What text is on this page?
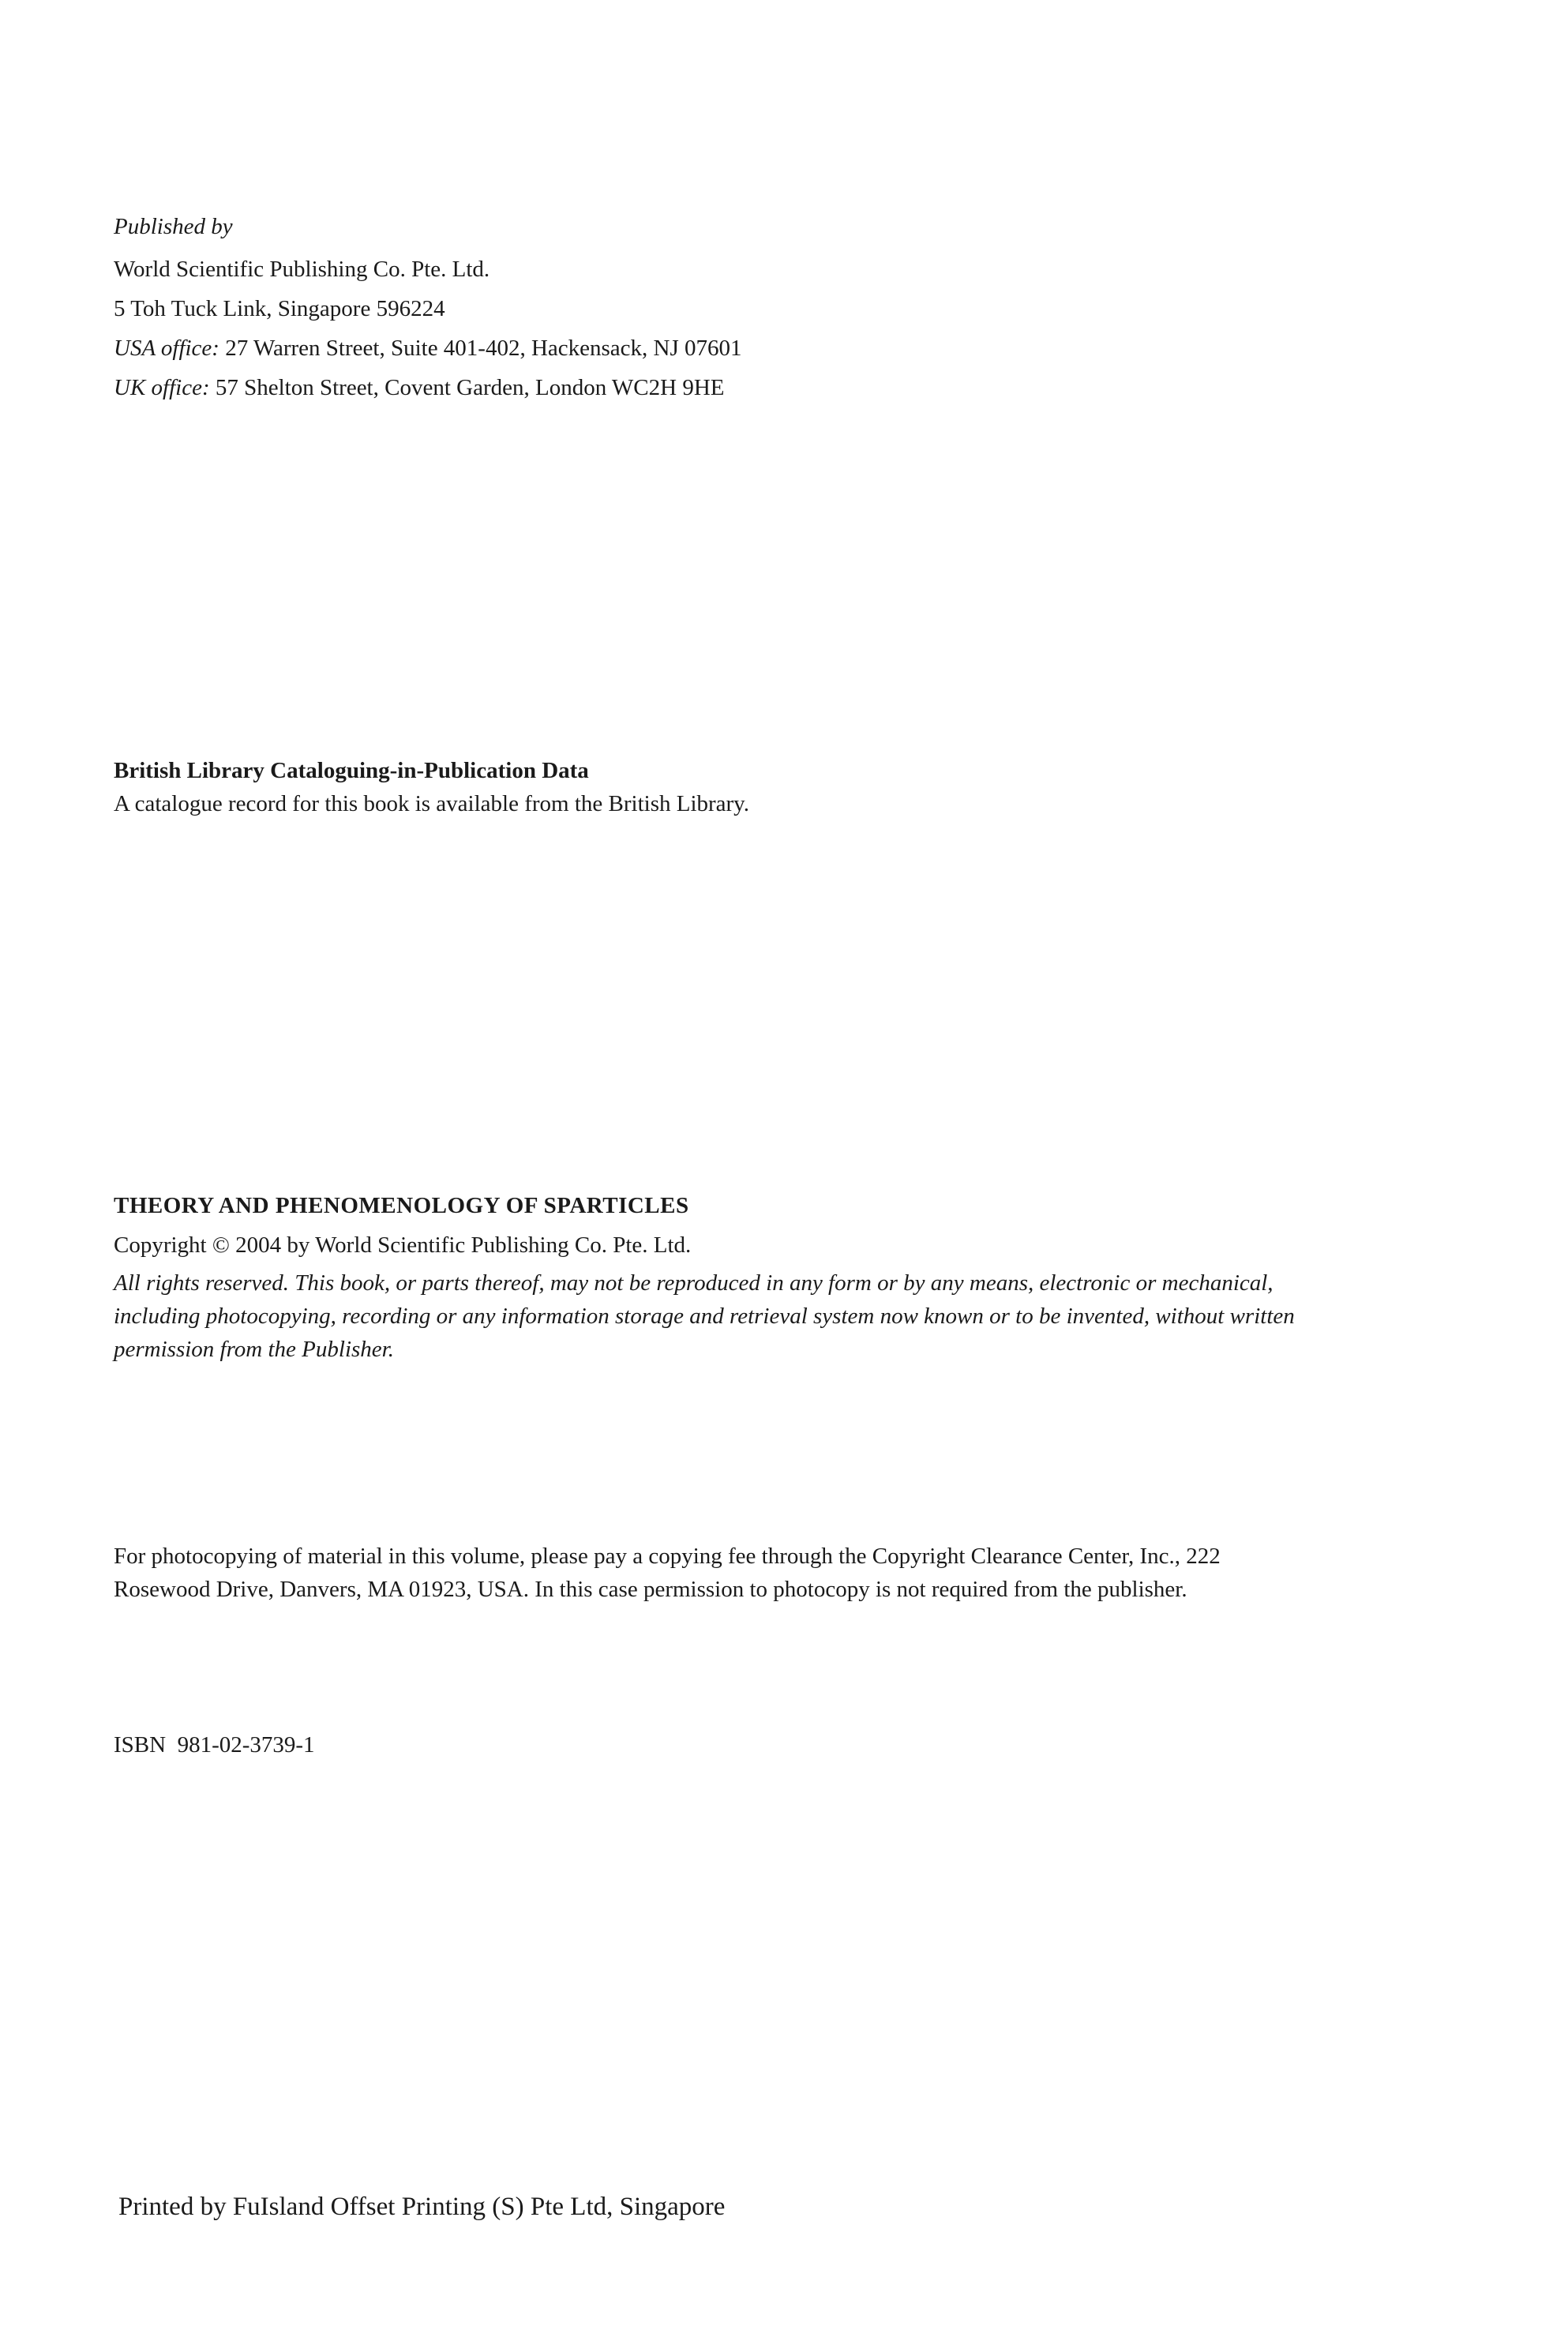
Published by
World Scientific Publishing Co. Pte. Ltd.
5 Toh Tuck Link, Singapore 596224
USA office: 27 Warren Street, Suite 401-402, Hackensack, NJ 07601
UK office: 57 Shelton Street, Covent Garden, London WC2H 9HE
British Library Cataloguing-in-Publication Data
A catalogue record for this book is available from the British Library.
THEORY AND PHENOMENOLOGY OF SPARTICLES
Copyright © 2004 by World Scientific Publishing Co. Pte. Ltd.
All rights reserved. This book, or parts thereof, may not be reproduced in any form or by any means, electronic or mechanical, including photocopying, recording or any information storage and retrieval system now known or to be invented, without written permission from the Publisher.
For photocopying of material in this volume, please pay a copying fee through the Copyright Clearance Center, Inc., 222 Rosewood Drive, Danvers, MA 01923, USA. In this case permission to photocopy is not required from the publisher.
ISBN  981-02-3739-1
Printed by FuIsland Offset Printing (S) Pte Ltd, Singapore
